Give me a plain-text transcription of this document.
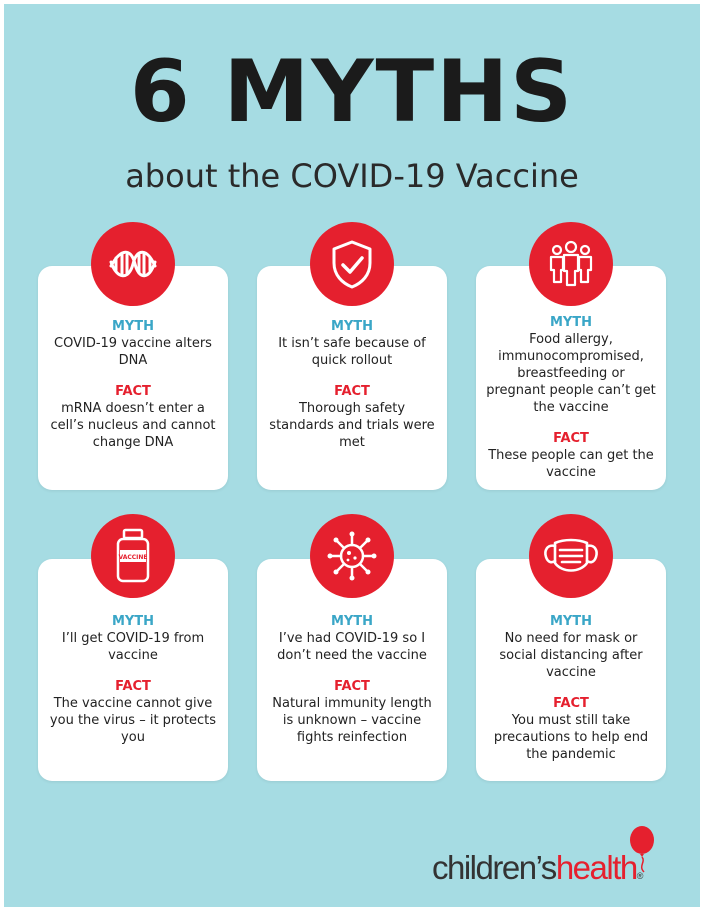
6 MYTHS
about the COVID-19 Vaccine
MYTH
COVID-19 vaccine alters DNA
FACT
mRNA doesn’t enter a cell’s nucleus and cannot change DNA
MYTH
It isn’t safe because of quick rollout
FACT
Thorough safety standards and trials were met
MYTH
Food allergy, immunocompromised, breastfeeding or pregnant people can’t get the vaccine
FACT
These people can get the vaccine
MYTH
I’ll get COVID-19 from vaccine
FACT
The vaccine cannot give you the virus – it protects you
VACCINE
MYTH
I’ve had COVID-19 so I don’t need the vaccine
FACT
Natural immunity length is unknown – vaccine fights reinfection
MYTH
No need for mask or social distancing after vaccine
FACT
You must still take precautions to help end the pandemic
children’shealth®
